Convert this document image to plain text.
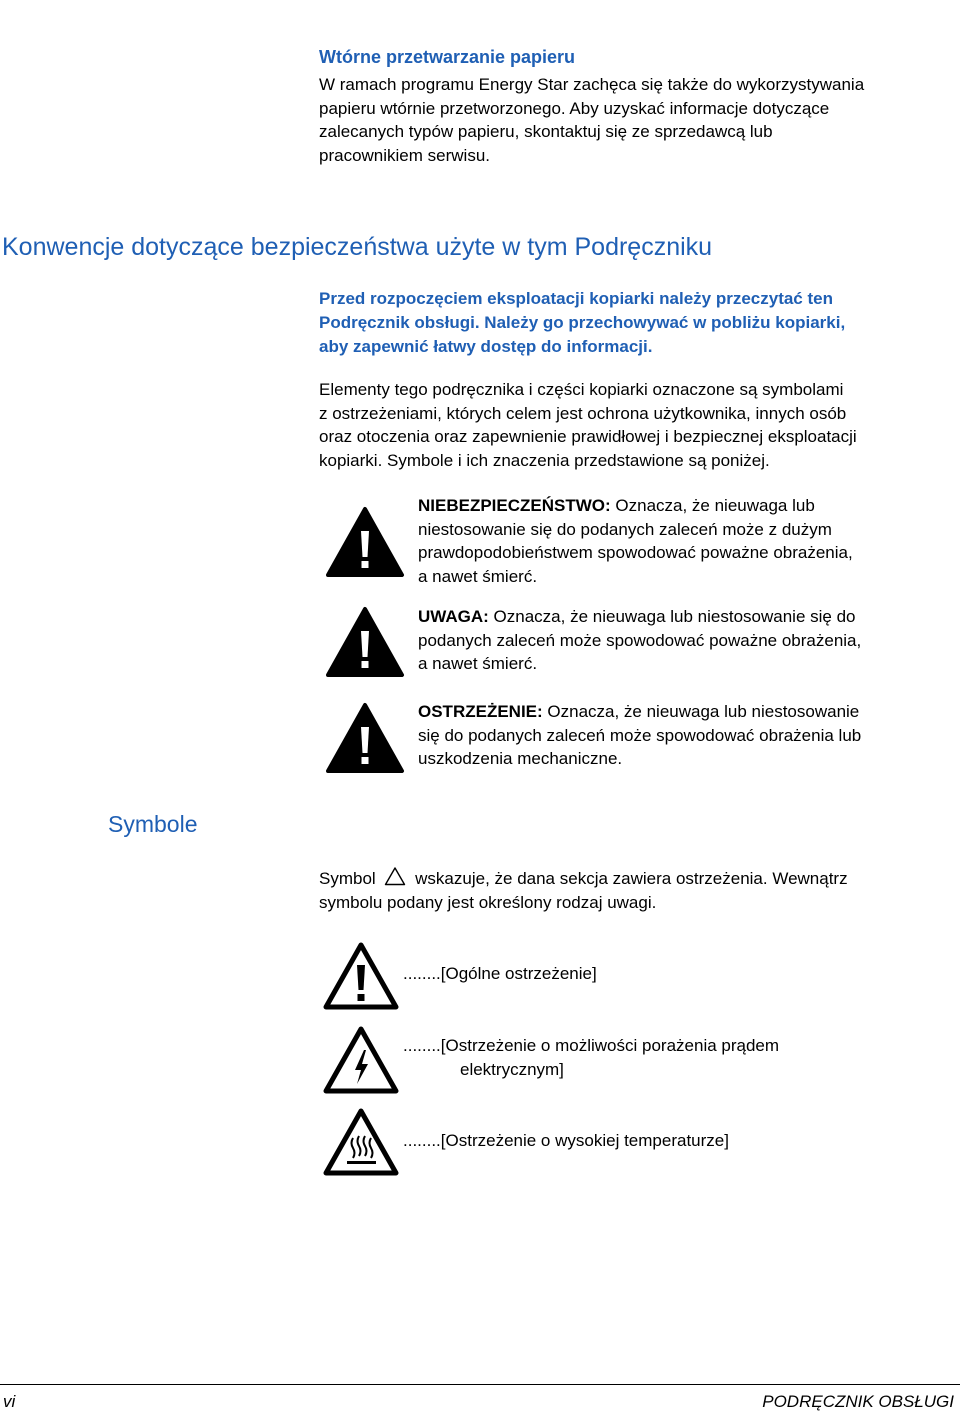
Wtórne przetwarzanie papieru
W ramach programu Energy Star zachęca się także do wykorzystywania
papieru wtórnie przetworzonego. Aby uzyskać informacje dotyczące
zalecanych typów papieru, skontaktuj się ze sprzedawcą lub
pracownikiem serwisu.
Konwencje dotyczące bezpieczeństwa użyte w tym Podręczniku
Przed rozpoczęciem eksploatacji kopiarki należy przeczytać ten
Podręcznik obsługi. Należy go przechowywać w pobliżu kopiarki,
aby zapewnić łatwy dostęp do informacji.
Elementy tego podręcznika i części kopiarki oznaczone są symbolami
z ostrzeżeniami, których celem jest ochrona użytkownika, innych osób
oraz otoczenia oraz zapewnienie prawidłowej i bezpiecznej eksploatacji
kopiarki. Symbole i ich znaczenia przedstawione są poniżej.
NIEBEZPIECZEŃSTWO: Oznacza, że nieuwaga lub
niestosowanie się do podanych zaleceń może z dużym
prawdopodobieństwem spowodować poważne obrażenia,
a nawet śmierć.
UWAGA: Oznacza, że nieuwaga lub niestosowanie się do
podanych zaleceń może spowodować poważne obrażenia,
a nawet śmierć.
OSTRZEŻENIE: Oznacza, że nieuwaga lub niestosowanie
się do podanych zaleceń może spowodować obrażenia lub
uszkodzenia mechaniczne.
Symbole
Symbol wskazuje, że dana sekcja zawiera ostrzeżenia. Wewnątrz
symbolu podany jest określony rodzaj uwagi.
........[Ogólne ostrzeżenie]
........[Ostrzeżenie o możliwości porażenia prądem
elektrycznym]
........[Ostrzeżenie o wysokiej temperaturze]
vi	PODRĘCZNIK OBSŁUGI
